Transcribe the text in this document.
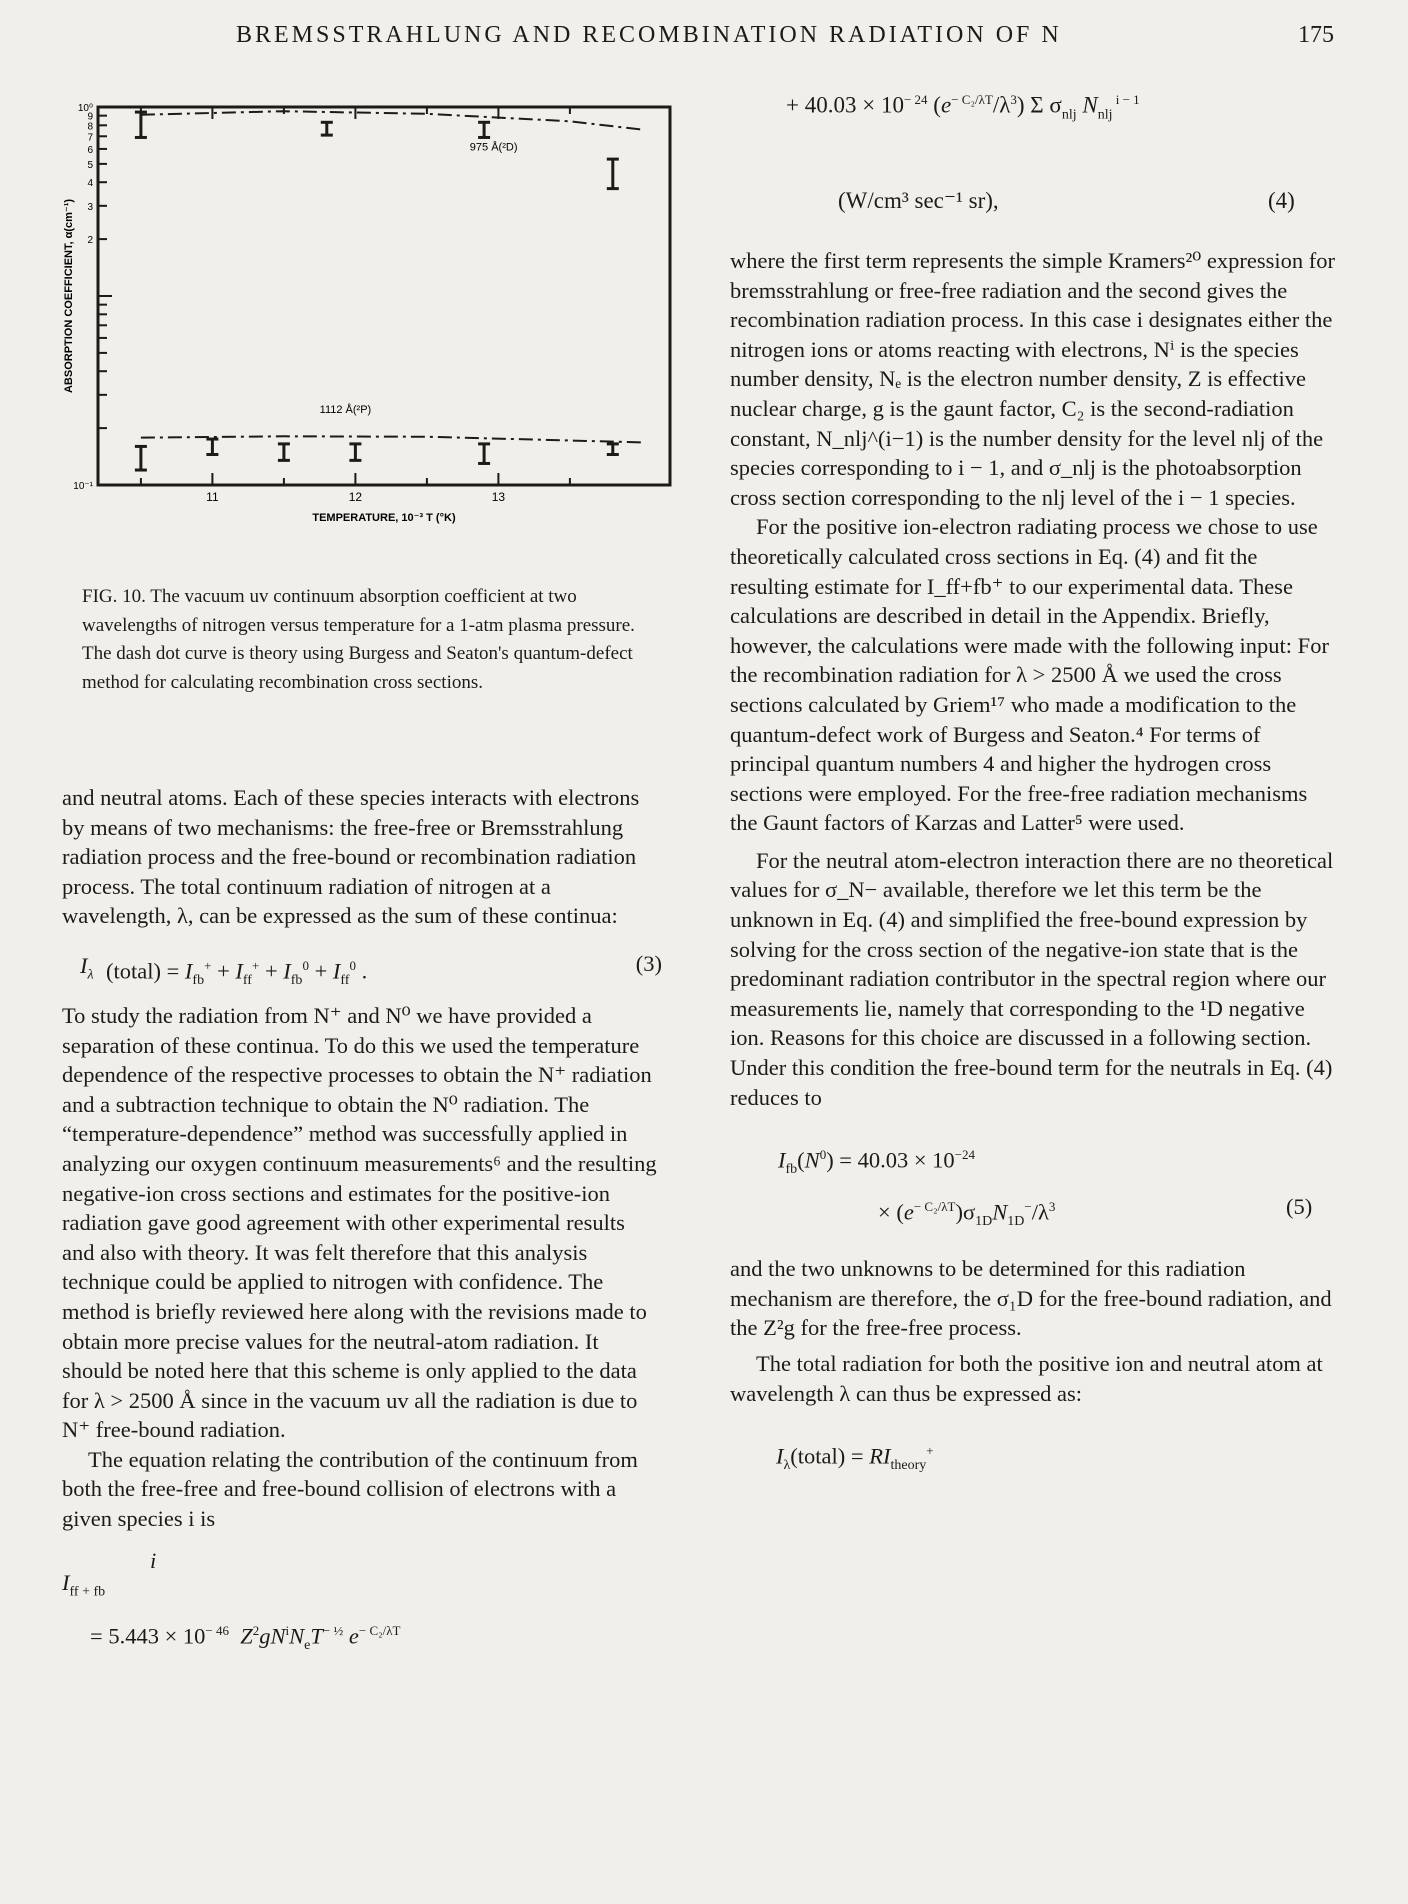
BREMSSTRAHLUNG AND RECOMBINATION RADIATION OF N	175
10⁻¹
2
3
4
5
6
7
8
9
10⁰
11	12	13
TEMPERATURE, 10⁻³ T (°K)
ABSORPTION COEFFICIENT, α(cm⁻¹)
975 Å(²D)
1112 Å(²P)
FIG. 10. The vacuum uv continuum absorption coefficient at two wavelengths of nitrogen versus temperature for a 1-atm plasma pressure. The dash dot curve is theory using Burgess and Seaton's quantum-defect method for calculating recombination cross sections.

and neutral atoms. Each of these species interacts with electrons by means of two mechanisms: the free-free or Bremsstrahlung radiation process and the free-bound or recombination radiation process. The total continuum radiation of nitrogen at a wavelength, λ, can be expressed as the sum of these continua:

$I_\lambda$ (total) = $I_{fb}^+ + I_{ff}^+ + I_{fb}^0 + I_{ff}^0$ .	(3)

To study the radiation from N⁺ and N⁰ we have provided a separation of these continua. To do this we used the temperature dependence of the respective processes to obtain the N⁺ radiation and a subtraction technique to obtain the N⁰ radiation. The “temperature-dependence” method was successfully applied in analyzing our oxygen continuum measurements⁶ and the resulting negative-ion cross sections and estimates for the positive-ion radiation gave good agreement with other experimental results and also with theory. It was felt therefore that this analysis technique could be applied to nitrogen with confidence. The method is briefly reviewed here along with the revisions made to obtain more precise values for the neutral-atom radiation. It should be noted here that this scheme is only applied to the data for λ > 2500 Å since in the vacuum uv all the radiation is due to N⁺ free-bound radiation.

The equation relating the contribution of the continuum from both the free-free and free-bound collision of electrons with a given species i is

i
$I_{ff + fb}$
= $5.443 \times 10^{- 46}$ $Z^2gN^iN_eT^{- \frac{1}{2}}$ $e^{- C_2/\lambda T}$
+ $40.03 \times 10^{- 24}$ $(e^{- C_2/\lambda T}/\lambda^3)$ Σ $\sigma_{nlj}$ $N_{nlj}$ $^{i - 1}$
(W/cm³ sec⁻¹ sr),	(4)

where the first term represents the simple Kramers²⁰ expression for bremsstrahlung or free-free radiation and the second gives the recombination radiation process. In this case i designates either the nitrogen ions or atoms reacting with electrons, Nⁱ is the species number density, Nₑ is the electron number density, Z is effective nuclear charge, g is the gaunt factor, C₂ is the second-radiation constant, N_nlj^(i−1) is the number density for the level nlj of the species corresponding to i − 1, and σ_nlj is the photoabsorption cross section corresponding to the nlj level of the i − 1 species.

For the positive ion-electron radiating process we chose to use theoretically calculated cross sections in Eq. (4) and fit the resulting estimate for I_ff+fb⁺ to our experimental data. These calculations are described in detail in the Appendix. Briefly, however, the calculations were made with the following input: For the recombination radiation for λ > 2500 Å we used the cross sections calculated by Griem¹⁷ who made a modification to the quantum-defect work of Burgess and Seaton.⁴ For terms of principal quantum numbers 4 and higher the hydrogen cross sections were employed. For the free-free radiation mechanisms the Gaunt factors of Karzas and Latter⁵ were used.

For the neutral atom-electron interaction there are no theoretical values for σ_N− available, therefore we let this term be the unknown in Eq. (4) and simplified the free-bound expression by solving for the cross section of the negative-ion state that is the predominant radiation contributor in the spectral region where our measurements lie, namely that corresponding to the ¹D negative ion. Reasons for this choice are discussed in a following section. Under this condition the free-bound term for the neutrals in Eq. (4) reduces to

$I_{fb}(N^0) = 40.03 \times 10^{-24}$
× $(e^{- C_2/\lambda T})\sigma_{1D}N_{1D}^-/\lambda^3$	(5)

and the two unknowns to be determined for this radiation mechanism are therefore, the σ₁D for the free-bound radiation, and the Z²g for the free-free process.

The total radiation for both the positive ion and neutral atom at wavelength λ can thus be expressed as:

$I_\lambda(total) = RI_{theory}^+$
